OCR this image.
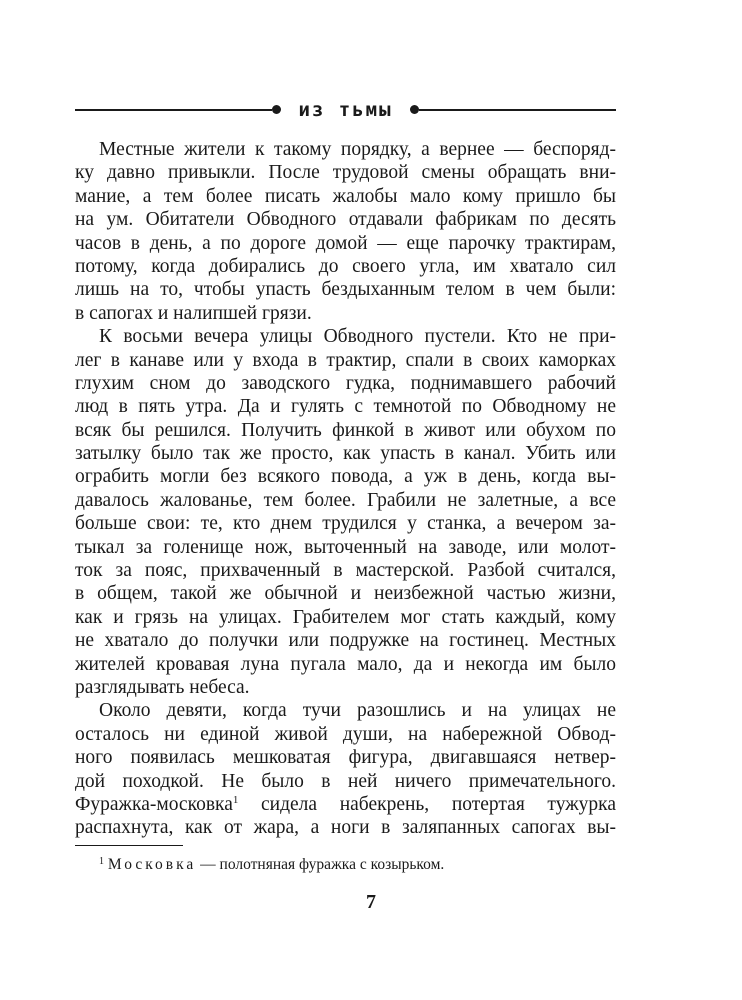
из тьмы
Местные жители к такому порядку, а вернее — беспоряд-
ку давно привыкли. После трудовой смены обращать вни-
мание, а тем более писать жалобы мало кому пришло бы
на ум. Обитатели Обводного отдавали фабрикам по десять
часов в день, а по дороге домой — еще парочку трактирам,
потому, когда добирались до своего угла, им хватало сил
лишь на то, чтобы упасть бездыханным телом в чем были:
в сапогах и налипшей грязи.
К восьми вечера улицы Обводного пустели. Кто не при-
лег в канаве или у входа в трактир, спали в своих каморках
глухим сном до заводского гудка, поднимавшего рабочий
люд в пять утра. Да и гулять с темнотой по Обводному не
всяк бы решился. Получить финкой в живот или обухом по
затылку было так же просто, как упасть в канал. Убить или
ограбить могли без всякого повода, а уж в день, когда вы-
давалось жалованье, тем более. Грабили не залетные, а все
больше свои: те, кто днем трудился у станка, а вечером за-
тыкал за голенище нож, выточенный на заводе, или молот-
ток за пояс, прихваченный в мастерской. Разбой считался,
в общем, такой же обычной и неизбежной частью жизни,
как и грязь на улицах. Грабителем мог стать каждый, кому
не хватало до получки или подружке на гостинец. Местных
жителей кровавая луна пугала мало, да и некогда им было
разглядывать небеса.
Около девяти, когда тучи разошлись и на улицах не
осталось ни единой живой души, на набережной Обвод-
ного появилась мешковатая фигура, двигавшаяся нетвер-
дой походкой. Не было в ней ничего примечательного.
Фуражка-московка$^1$ сидела набекрень, потертая тужурка
распахнута, как от жара, а ноги в заляпанных сапогах вы-
$^1$ Московка — полотняная фуражка с козырьком.
7
